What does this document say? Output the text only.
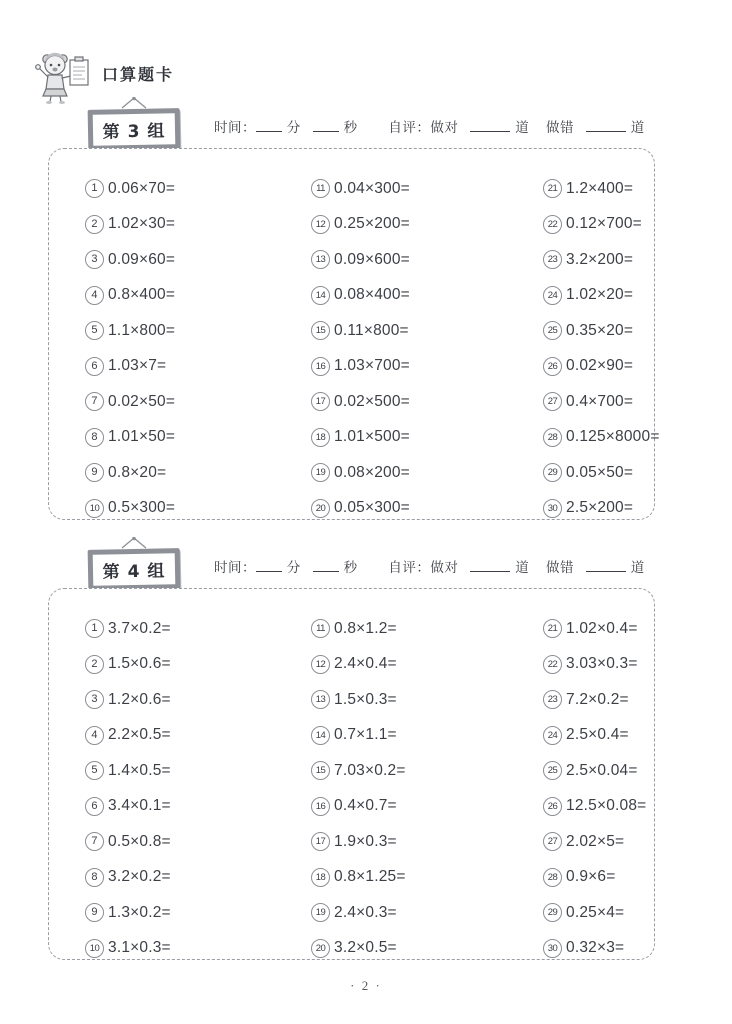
口算题卡
第 3 组	时间： 分	秒 自评：做对	道 做错	道
1 0.06×70=
2 1.02×30=
3 0.09×60=
4 0.8×400=
5 1.1×800=
6 1.03×7=
7 0.02×50=
8 1.01×50=
9 0.8×20=
10 0.5×300=
11 0.04×300=
12 0.25×200=
13 0.09×600=
14 0.08×400=
15 0.11×800=
16 1.03×700=
17 0.02×500=
18 1.01×500=
19 0.08×200=
20 0.05×300=
21 1.2×400=
22 0.12×700=
23 3.2×200=
24 1.02×20=
25 0.35×20=
26 0.02×90=
27 0.4×700=
28 0.125×8000=
29 0.05×50=
30 2.5×200=
第 4 组	时间： 分	秒 自评：做对	道 做错	道
1 3.7×0.2=
2 1.5×0.6=
3 1.2×0.6=
4 2.2×0.5=
5 1.4×0.5=
6 3.4×0.1=
7 0.5×0.8=
8 3.2×0.2=
9 1.3×0.2=
10 3.1×0.3=
11 0.8×1.2=
12 2.4×0.4=
13 1.5×0.3=
14 0.7×1.1=
15 7.03×0.2=
16 0.4×0.7=
17 1.9×0.3=
18 0.8×1.25=
19 2.4×0.3=
20 3.2×0.5=
21 1.02×0.4=
22 3.03×0.3=
23 7.2×0.2=
24 2.5×0.4=
25 2.5×0.04=
26 12.5×0.08=
27 2.02×5=
28 0.9×6=
29 0.25×4=
30 0.32×3=
· 2 ·
